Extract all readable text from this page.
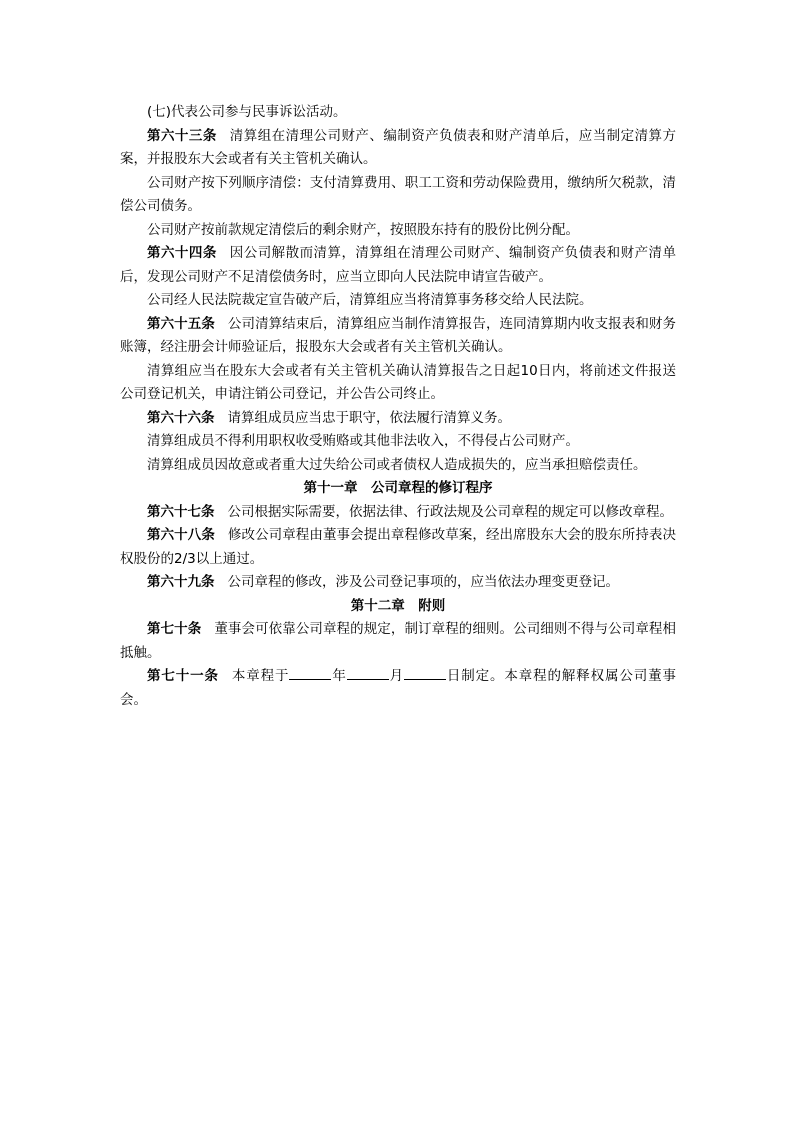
(七)代表公司参与民事诉讼活动。

第六十三条 清算组在清理公司财产、编制资产负债表和财产清单后，应当制定清算方案，并报股东大会或者有关主管机关确认。

公司财产按下列顺序清偿：支付清算费用、职工工资和劳动保险费用，缴纳所欠税款，清偿公司债务。

公司财产按前款规定清偿后的剩余财产，按照股东持有的股份比例分配。

第六十四条 因公司解散而清算，清算组在清理公司财产、编制资产负债表和财产清单后，发现公司财产不足清偿债务时，应当立即向人民法院申请宣告破产。

公司经人民法院裁定宣告破产后，清算组应当将清算事务移交给人民法院。

第六十五条 公司清算结束后，清算组应当制作清算报告，连同清算期内收支报表和财务账簿，经注册会计师验证后，报股东大会或者有关主管机关确认。

清算组应当在股东大会或者有关主管机关确认清算报告之日起10日内，将前述文件报送公司登记机关，申请注销公司登记，并公告公司终止。

第六十六条 请算组成员应当忠于职守，依法履行清算义务。

清算组成员不得利用职权收受贿赂或其他非法收入，不得侵占公司财产。

清算组成员因故意或者重大过失给公司或者债权人造成损失的，应当承担赔偿责任。

第十一章　公司章程的修订程序

第六十七条 公司根据实际需要，依据法律、行政法规及公司章程的规定可以修改章程。

第六十八条 修改公司章程由董事会提出章程修改草案，经出席股东大会的股东所持表决权股份的2/3以上通过。

第六十九条 公司章程的修改，涉及公司登记事项的，应当依法办理变更登记。

第十二章　附则

第七十条 董事会可依靠公司章程的规定，制订章程的细则。公司细则不得与公司章程相抵触。

第七十一条 本章程于	年	月	日制定。本章程的解释权属公司董事会。
